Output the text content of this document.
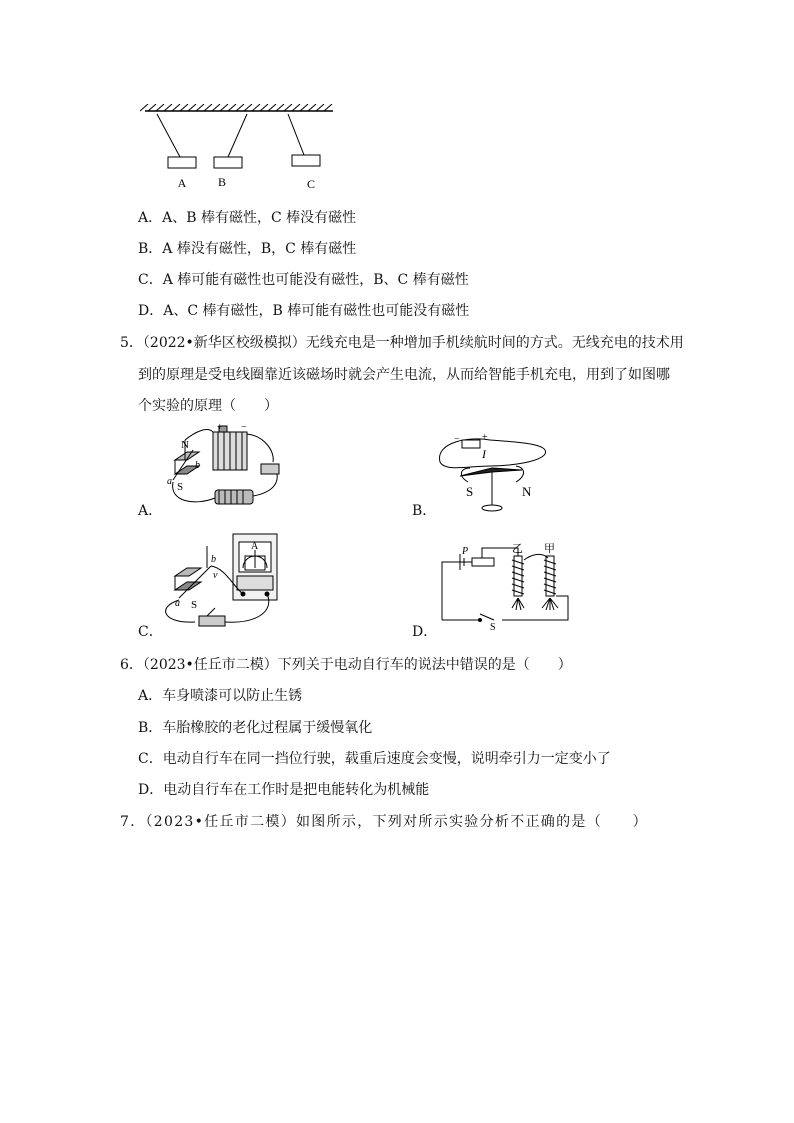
A	B	C
A．A、B 棒有磁性，C 棒没有磁性
B．A 棒没有磁性，B，C 棒有磁性
C．A 棒可能有磁性也可能没有磁性，B、C 棒有磁性
D．A、C 棒有磁性，B 棒可能有磁性也可能没有磁性
5．（2022•新华区校级模拟）无线充电是一种增加手机续航时间的方式。无线充电的技术用
到的原理是受电线圈靠近该磁场时就会产生电流，从而给智能手机充电，用到了如图哪
个实验的原理（　　）
+ −
N
S
a
b
A．
− +
I
S	N
B．
A
a
b
v
S
C．
P	乙 甲
S
D．
6．（2023•任丘市二模）下列关于电动自行车的说法中错误的是（　　）
A．车身喷漆可以防止生锈
B．车胎橡胶的老化过程属于缓慢氧化
C．电动自行车在同一挡位行驶，载重后速度会变慢，说明牵引力一定变小了
D．电动自行车在工作时是把电能转化为机械能
7．（2023•任丘市二模）如图所示，下列对所示实验分析不正确的是（　　）
